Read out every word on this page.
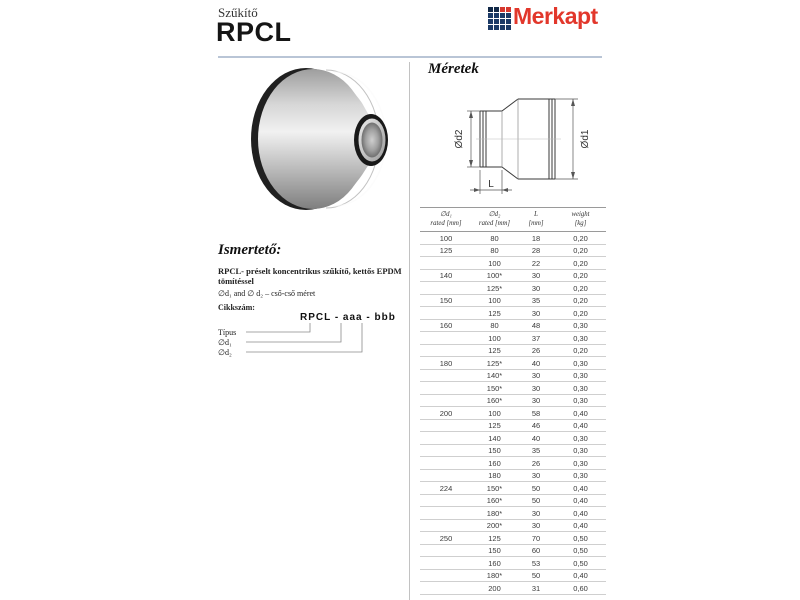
Szűkítő
RPCL
Merkapt
Ismertető:
RPCL- préselt koncentrikus szűkítő, kettős EPDM tömítéssel
∅d₁ and ∅ d₂ – cső-cső méret
Cikkszám:
RPCL - aaa - bbb
Típus
∅d₁
∅d₂
Méretek
Ød2	Ød1
L
∅d₁
rated [mm]	∅d₂
rated [mm]	L
[mm]	weight
[kg]
100	80	18	0,20
125	80	28	0,20
	100	22	0,20
140	100*	30	0,20
	125*	30	0,20
150	100	35	0,20
	125	30	0,20
160	80	48	0,30
	100	37	0,30
	125	26	0,20
180	125*	40	0,30
	140*	30	0,30
	150*	30	0,30
	160*	30	0,30
200	100	58	0,40
	125	46	0,40
	140	40	0,30
	150	35	0,30
	160	26	0,30
	180	30	0,30
224	150*	50	0,40
	160*	50	0,40
	180*	30	0,40
	200*	30	0,40
250	125	70	0,50
	150	60	0,50
	160	53	0,50
	180*	50	0,40
	200	31	0,60
